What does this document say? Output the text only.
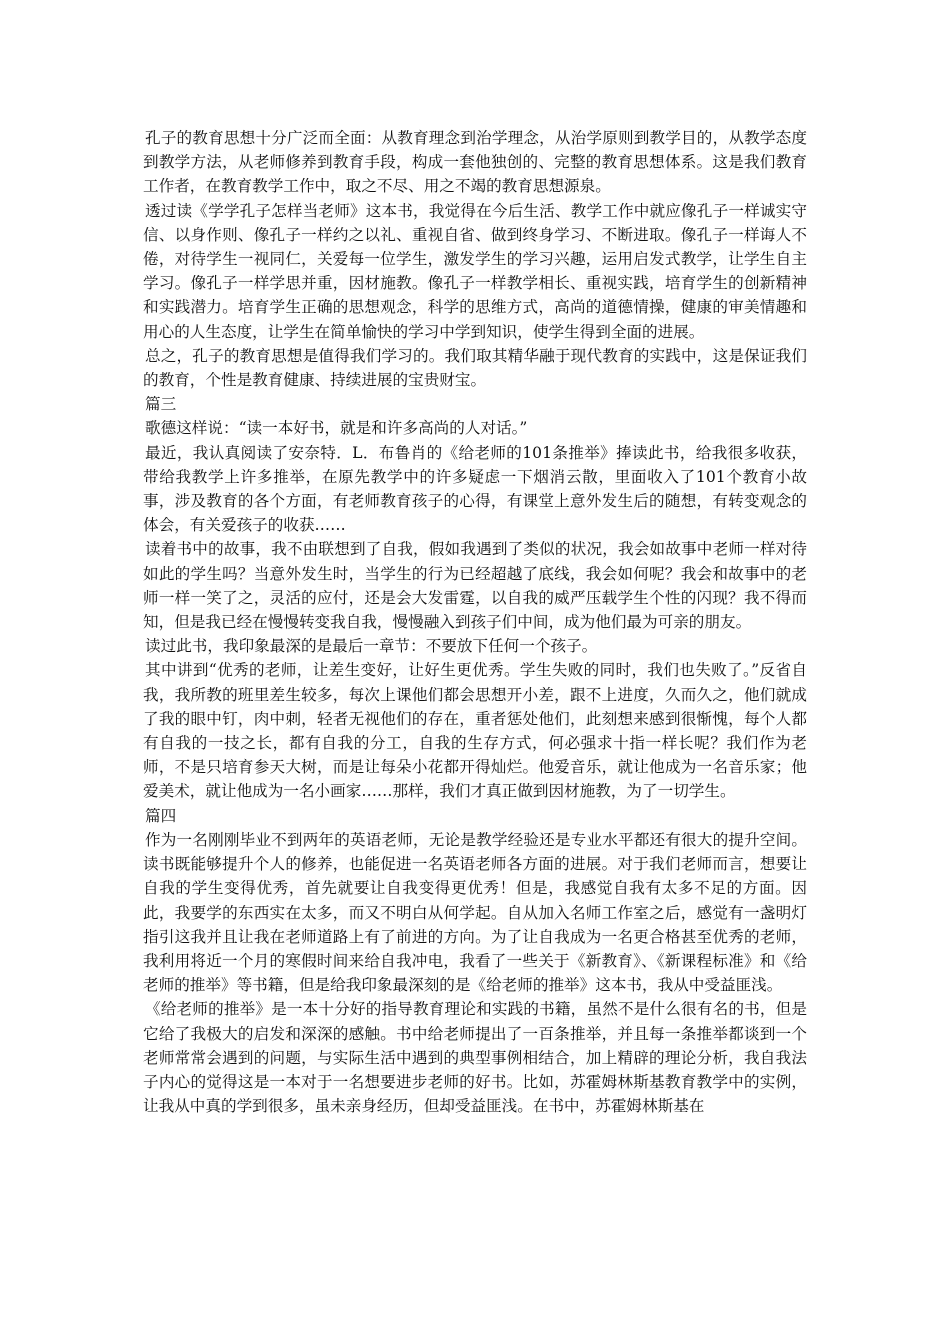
孔子的教育思想十分广泛而全面：从教育理念到治学理念，从治学原则到教学目的，从教学态度到教学方法，从老师修养到教育手段，构成一套他独创的、完整的教育思想体系。这是我们教育工作者，在教育教学工作中，取之不尽、用之不竭的教育思想源泉。

透过读《学学孔子怎样当老师》这本书，我觉得在今后生活、教学工作中就应像孔子一样诚实守信、以身作则、像孔子一样约之以礼、重视自省、做到终身学习、不断进取。像孔子一样诲人不倦，对待学生一视同仁，关爱每一位学生，激发学生的学习兴趣，运用启发式教学，让学生自主学习。像孔子一样学思并重，因材施教。像孔子一样教学相长、重视实践，培育学生的创新精神和实践潜力。培育学生正确的思想观念，科学的思维方式，高尚的道德情操，健康的审美情趣和用心的人生态度，让学生在简单愉快的学习中学到知识，使学生得到全面的进展。

总之，孔子的教育思想是值得我们学习的。我们取其精华融于现代教育的实践中，这是保证我们的教育，个性是教育健康、持续进展的宝贵财宝。

篇三

歌德这样说：“读一本好书，就是和许多高尚的人对话。”

最近，我认真阅读了安奈特．L．布鲁肖的《给老师的101条推举》捧读此书，给我很多收获，带给我教学上许多推举，在原先教学中的许多疑虑一下烟消云散，里面收入了101个教育小故事，涉及教育的各个方面，有老师教育孩子的心得，有课堂上意外发生后的随想，有转变观念的体会，有关爱孩子的收获……

读着书中的故事，我不由联想到了自我，假如我遇到了类似的状况，我会如故事中老师一样对待如此的学生吗？当意外发生时，当学生的行为已经超越了底线，我会如何呢？我会和故事中的老师一样一笑了之，灵活的应付，还是会大发雷霆，以自我的威严压载学生个性的闪现？我不得而知，但是我已经在慢慢转变我自我，慢慢融入到孩子们中间，成为他们最为可亲的朋友。

读过此书，我印象最深的是最后一章节：不要放下任何一个孩子。

其中讲到“优秀的老师，让差生变好，让好生更优秀。学生失败的同时，我们也失败了。”反省自我，我所教的班里差生较多，每次上课他们都会思想开小差，跟不上进度，久而久之，他们就成了我的眼中钉，肉中刺，轻者无视他们的存在，重者惩处他们，此刻想来感到很惭愧，每个人都有自我的一技之长，都有自我的分工，自我的生存方式，何必强求十指一样长呢？我们作为老师，不是只培育参天大树，而是让每朵小花都开得灿烂。他爱音乐，就让他成为一名音乐家；他爱美术，就让他成为一名小画家……那样，我们才真正做到因材施教，为了一切学生。

篇四

作为一名刚刚毕业不到两年的英语老师，无论是教学经验还是专业水平都还有很大的提升空间。读书既能够提升个人的修养，也能促进一名英语老师各方面的进展。对于我们老师而言，想要让自我的学生变得优秀，首先就要让自我变得更优秀！但是，我感觉自我有太多不足的方面。因此，我要学的东西实在太多，而又不明白从何学起。自从加入名师工作室之后，感觉有一盏明灯指引这我并且让我在老师道路上有了前进的方向。为了让自我成为一名更合格甚至优秀的老师，我利用将近一个月的寒假时间来给自我冲电，我看了一些关于《新教育》、《新课程标准》和《给老师的推举》等书籍，但是给我印象最深刻的是《给老师的推举》这本书，我从中受益匪浅。

《给老师的推举》是一本十分好的指导教育理论和实践的书籍，虽然不是什么很有名的书，但是它给了我极大的启发和深深的感触。书中给老师提出了一百条推举，并且每一条推举都谈到一个老师常常会遇到的问题，与实际生活中遇到的典型事例相结合，加上精辟的理论分析，我自我法子内心的觉得这是一本对于一名想要进步老师的好书。比如，苏霍姆林斯基教育教学中的实例，让我从中真的学到很多，虽未亲身经历，但却受益匪浅。在书中，苏霍姆林斯基在
